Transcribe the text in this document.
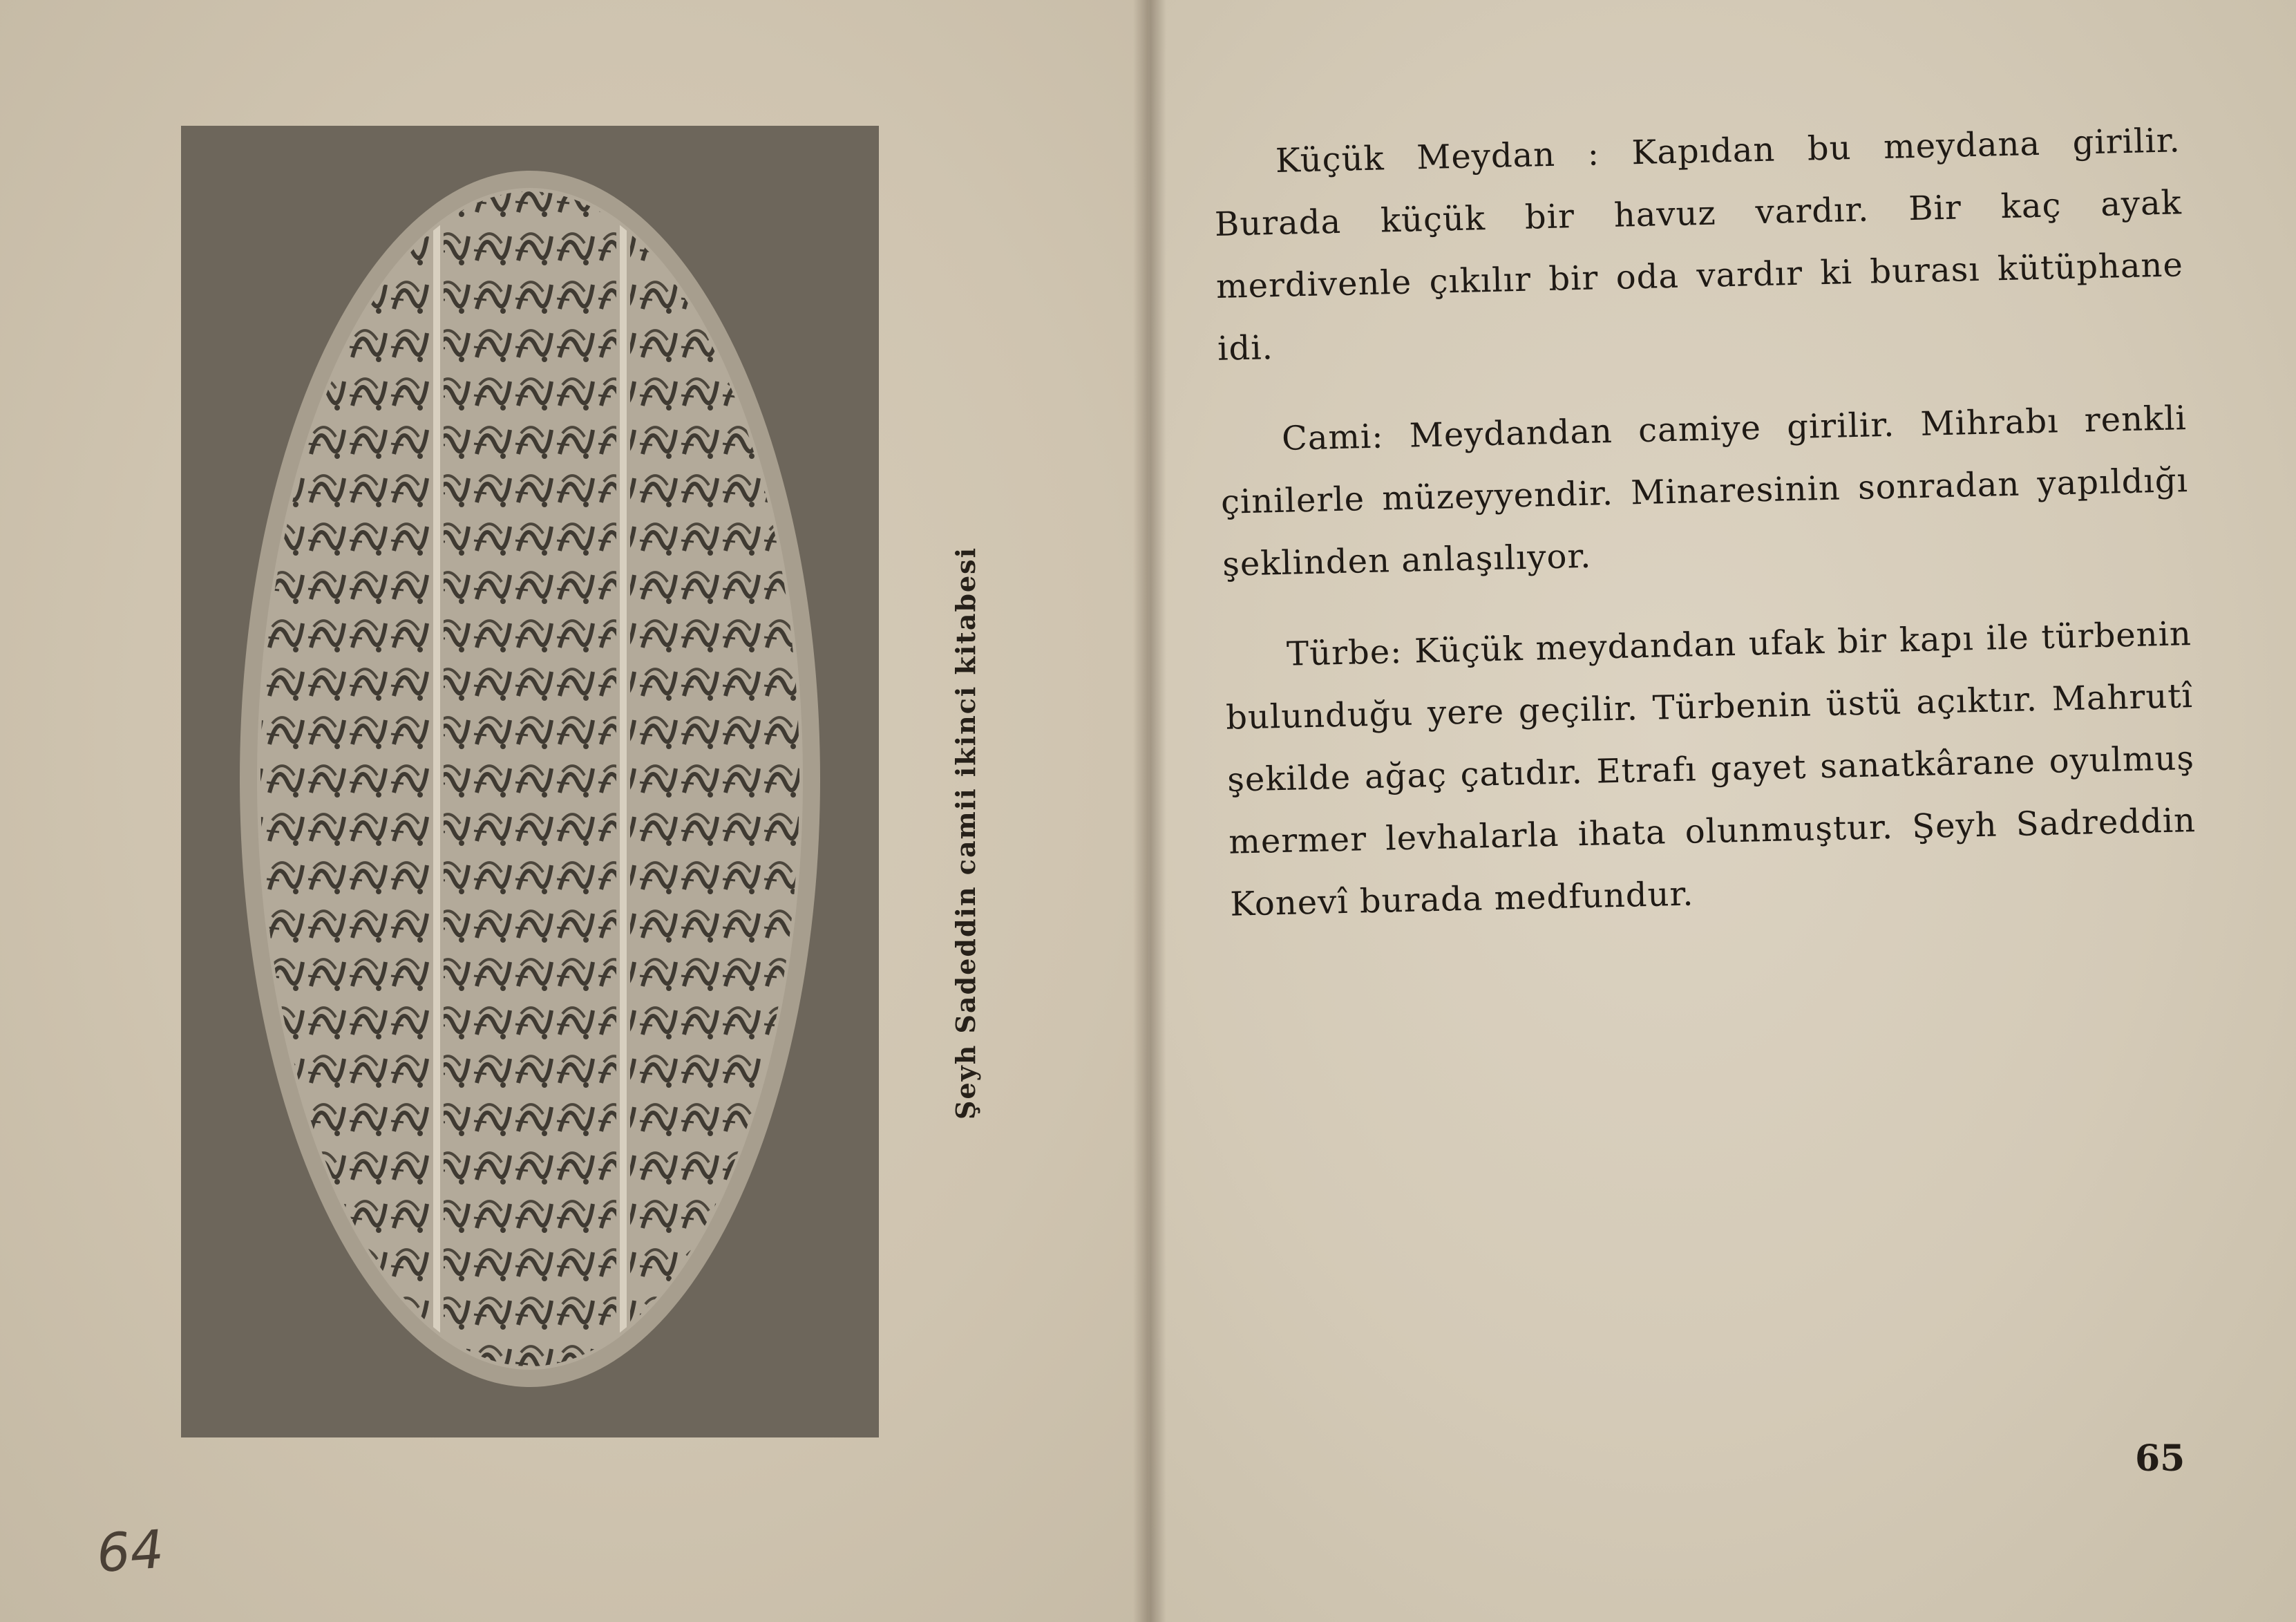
Şeyh Sadeddin camii ikinci kitabesi
64

Küçük Meydan : Kapıdan bu meydana girilir. Burada küçük bir havuz vardır. Bir kaç ayak merdivenle çıkılır bir oda vardır ki burası kütüphane idi.

Cami: Meydandan camiye girilir. Mihrabı renkli çinilerle müzeyyendir. Minaresinin sonradan yapıldığı şeklinden anlaşılıyor.

Türbe: Küçük meydandan ufak bir kapı ile türbenin bulunduğu yere geçilir. Türbenin üstü açıktır. Mahrutî şekilde ağaç çatıdır. Etrafı gayet sanatkârane oyulmuş mermer levhalarla ihata olunmuştur. Şeyh Sadreddin Konevî burada medfundur.

65
